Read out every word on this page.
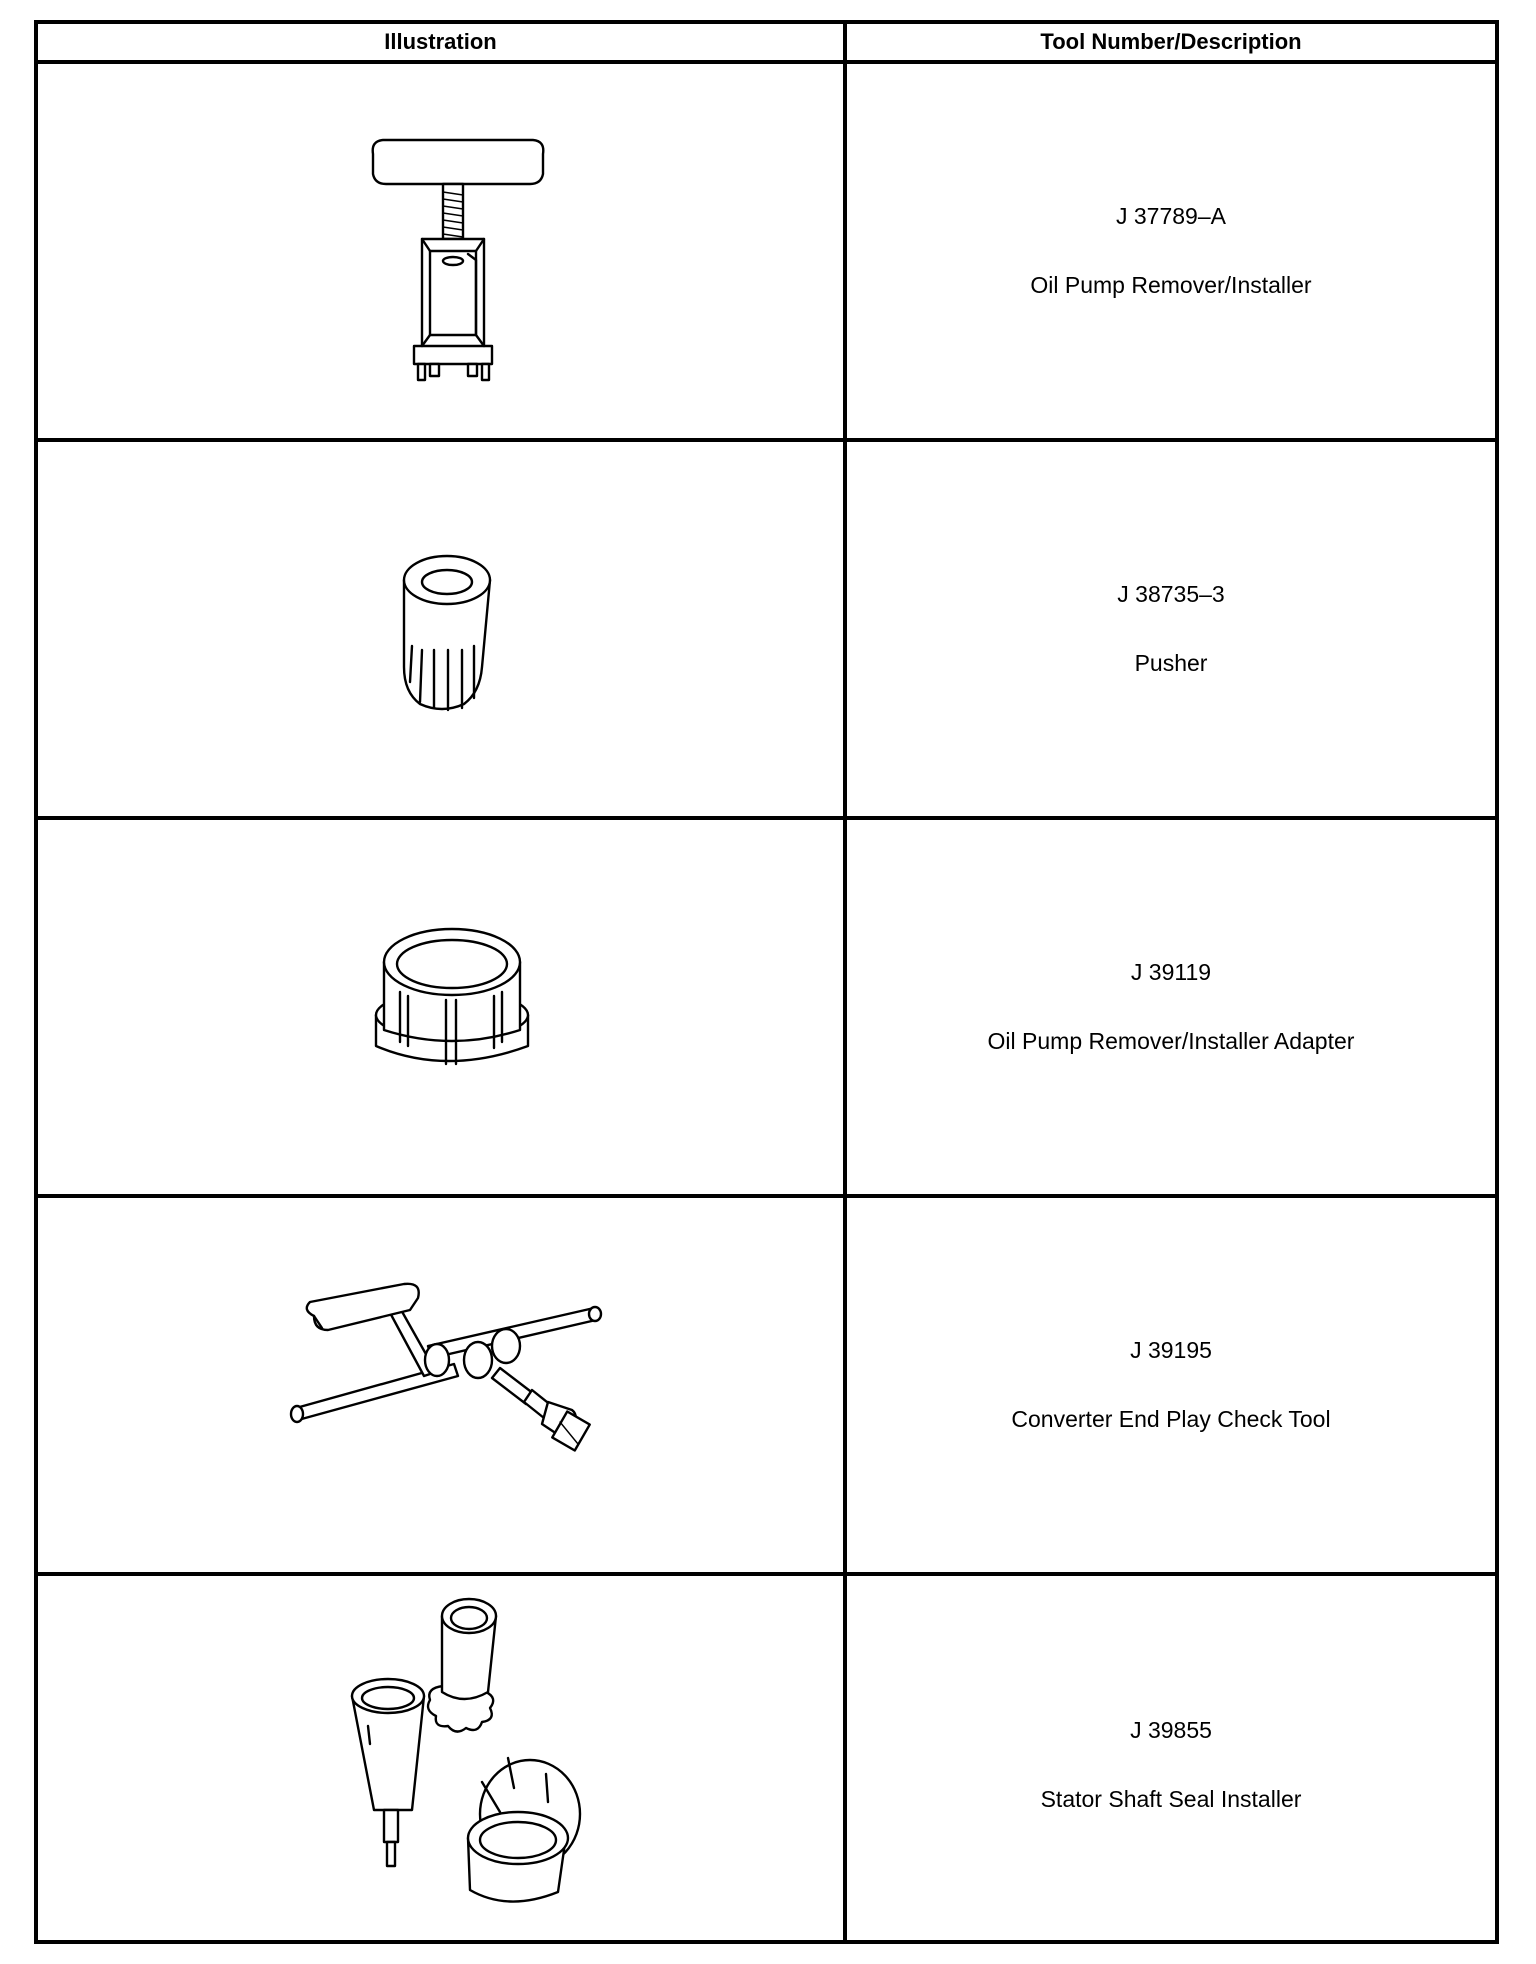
Illustration	Tool Number/Description
J 37789–A
Oil Pump Remover/Installer
J 38735–3
Pusher
J 39119
Oil Pump Remover/Installer Adapter
J 39195
Converter End Play Check Tool
J 39855
Stator Shaft Seal Installer
